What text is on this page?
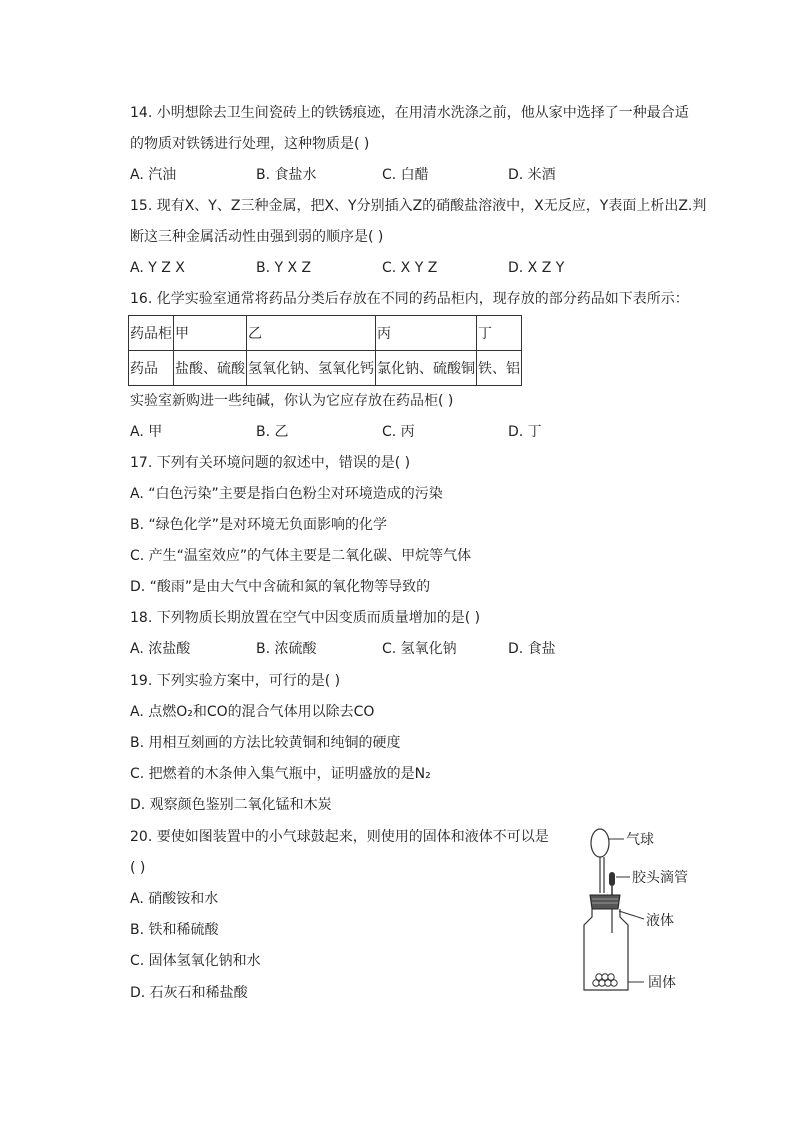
14. 小明想除去卫生间瓷砖上的铁锈痕迹，在用清水洗涤之前，他从家中选择了一种最合适
的物质对铁锈进行处理，这种物质是( )
A. 汽油	B. 食盐水	C. 白醋	D. 米酒
15. 现有X、Y、Z三种金属，把X、Y分别插入Z的硝酸盐溶液中，X无反应，Y表面上析出Z.判
断这三种金属活动性由强到弱的顺序是( )
A. Y Z X	B. Y X Z	C. X Y Z	D. X Z Y
16. 化学实验室通常将药品分类后存放在不同的药品柜内，现存放的部分药品如下表所示：
药品柜	甲	乙	丙	丁
药品	盐酸、硫酸	氢氧化钠、氢氧化钙	氯化钠、硫酸铜	铁、铝
实验室新购进一些纯碱，你认为它应存放在药品柜( )
A. 甲	B. 乙	C. 丙	D. 丁
17. 下列有关环境问题的叙述中，错误的是( )
A. “白色污染”主要是指白色粉尘对环境造成的污染
B. “绿色化学”是对环境无负面影响的化学
C. 产生“温室效应”的气体主要是二氧化碳、甲烷等气体
D. “酸雨”是由大气中含硫和氮的氧化物等导致的
18. 下列物质长期放置在空气中因变质而质量增加的是( )
A. 浓盐酸	B. 浓硫酸	C. 氢氧化钠	D. 食盐
19. 下列实验方案中，可行的是( )
A. 点燃O₂和CO的混合气体用以除去CO
B. 用相互刻画的方法比较黄铜和纯铜的硬度
C. 把燃着的木条伸入集气瓶中，证明盛放的是N₂
D. 观察颜色鉴别二氧化锰和木炭
20. 要使如图装置中的小气球鼓起来，则使用的固体和液体不可以是
( )
A. 硝酸铵和水
B. 铁和稀硫酸
C. 固体氢氧化钠和水
D. 石灰石和稀盐酸
气球
胶头滴管
液体
固体
